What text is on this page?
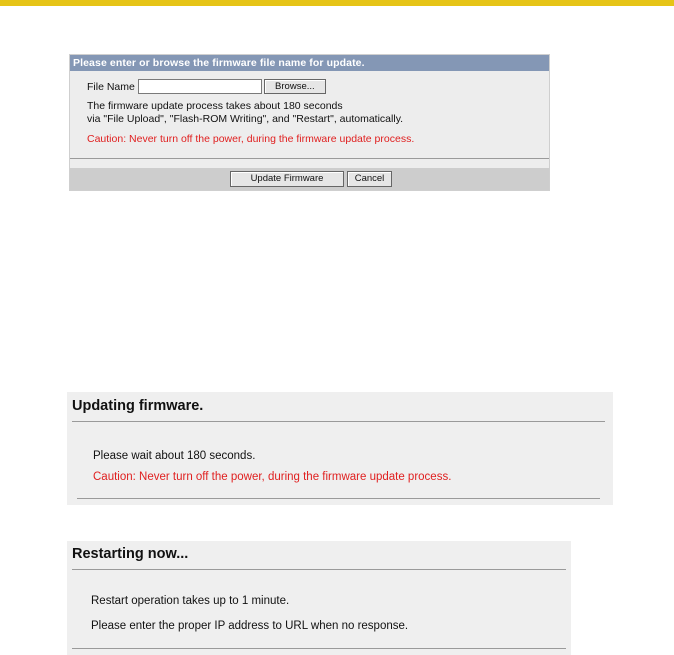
Please enter or browse the firmware file name for update.
File Name	Browse...
The firmware update process takes about 180 seconds
via "File Upload", "Flash-ROM Writing", and "Restart", automatically.
Caution: Never turn off the power, during the firmware update process.
Update Firmware	Cancel
Updating firmware.
Please wait about 180 seconds.
Caution: Never turn off the power, during the firmware update process.
Restarting now...
Restart operation takes up to 1 minute.
Please enter the proper IP address to URL when no response.
